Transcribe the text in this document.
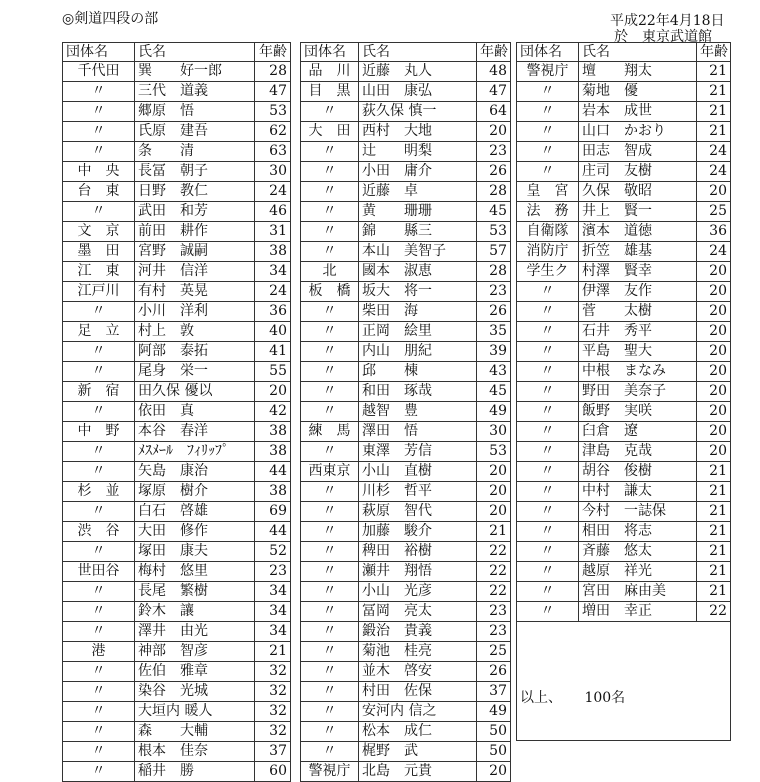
◎剣道四段の部	平成22年4月18日
於　東京武道館
団体名	氏名	年齢
千代田	巽　　好一郎	28
〃	三代　道義	47
〃	郷原　悟	53
〃	氏原　建吾	62
〃	条　　清	63
中　央	長冨　朝子	30
台　東	日野　教仁	24
〃	武田　和芳	46
文　京	前田　耕作	31
墨　田	宮野　誠嗣	38
江　東	河井　信洋	34
江戸川	有村　英晃	24
〃	小川　洋利	36
足　立	村上　敦	40
〃	阿部　泰拓	41
〃	尾身　栄一	55
新　宿	田久保 優以	20
〃	依田　真	42
中　野	本谷　春洋	38
〃	ﾒｽﾒｰﾙ　ﾌｨﾘｯﾌﾟ	38
〃	矢島　康治	44
杉　並	塚原　樹介	38
〃	白石　啓雄	69
渋　谷	大田　修作	44
〃	塚田　康夫	52
世田谷	梅村　悠里	23
〃	長尾　繁樹	34
〃	鈴木　讓	34
〃	澤井　由光	34
港	神部　智彦	21
〃	佐伯　雅章	32
〃	染谷　光城	32
〃	大垣内 暖人	32
〃	森　　大輔	32
〃	根本　佳奈	37
〃	稲井　勝	60
団体名	氏名	年齢
品　川	近藤　丸人	48
目　黒	山田　康弘	47
〃	荻久保 慎一	64
大　田	西村　大地	20
〃	辻　　明梨	23
〃	小田　庸介	26
〃	近藤　卓	28
〃	黄　　珊珊	45
〃	錦　　縣三	53
〃	本山　美智子	57
北	國本　淑恵	28
板　橋	坂大　将一	23
〃	柴田　海	26
〃	正岡　絵里	35
〃	内山　朋紀	39
〃	邱　　棟	43
〃	和田　琢哉	45
〃	越智　豊	49
練　馬	澤田　悟	30
〃	東澤　芳信	53
西東京	小山　直樹	20
〃	川杉　哲平	20
〃	萩原　智代	20
〃	加藤　駿介	21
〃	稗田　裕樹	22
〃	瀬井　翔悟	22
〃	小山　光彦	22
〃	冨岡　亮太	23
〃	鍛治　貴義	23
〃	菊池　桂亮	25
〃	並木　啓安	26
〃	村田　佐保	37
〃	安河内 信之	49
〃	松本　成仁	50
〃	梶野　武	50
警視庁	北島　元貴	20
団体名	氏名	年齢
警視庁	壇　　翔太	21
〃	菊地　優	21
〃	岩本　成世	21
〃	山口　かおり	21
〃	田志　智成	24
〃	庄司　友樹	24
皇　宮	久保　敬昭	20
法　務	井上　賢一	25
自衛隊	濱本　道徳	36
消防庁	折笠　雄基	24
学生ク	村澤　賢幸	20
〃	伊澤　友作	20
〃	菅　　太樹	20
〃	石井　秀平	20
〃	平島　聖大	20
〃	中根　まなみ	20
〃	野田　美奈子	20
〃	飯野　実咲	20
〃	臼倉　遼	20
〃	津島　克哉	20
〃	胡谷　俊樹	21
〃	中村　謙太	21
〃	今村　一誌保	21
〃	相田　将志	21
〃	斉藤　悠太	21
〃	越原　祥光	21
〃	宮田　麻由美	21
〃	増田　幸正	22

以上、 100名
